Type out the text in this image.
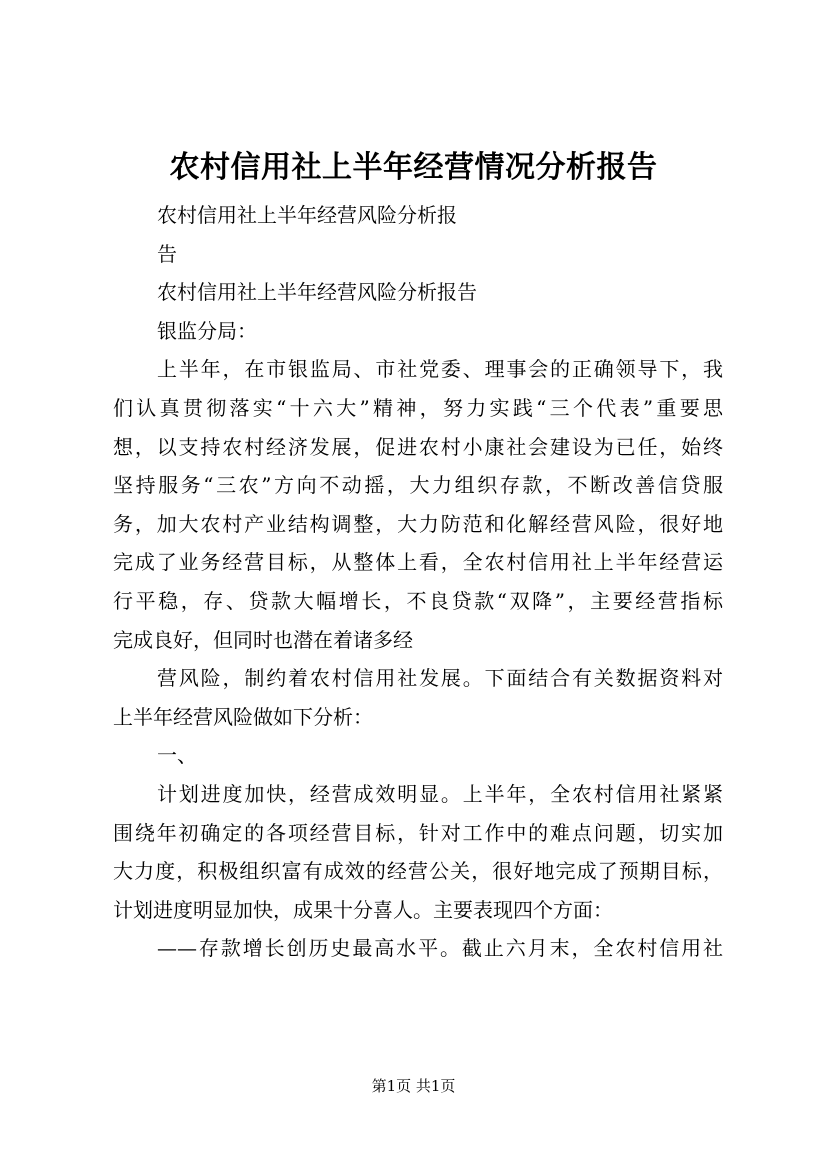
农村信用社上半年经营情况分析报告
农村信用社上半年经营风险分析报
告
农村信用社上半年经营风险分析报告
银监分局：
上半年，在市银监局、市社党委、理事会的正确领导下，我
们认真贯彻落实“十六大”精神，努力实践“三个代表”重要思
想，以支持农村经济发展，促进农村小康社会建设为已任，始终
坚持服务“三农”方向不动摇，大力组织存款，不断改善信贷服
务，加大农村产业结构调整，大力防范和化解经营风险，很好地
完成了业务经营目标，从整体上看，全农村信用社上半年经营运
行平稳，存、贷款大幅增长，不良贷款“双降”，主要经营指标
完成良好，但同时也潜在着诸多经
营风险，制约着农村信用社发展。下面结合有关数据资料对
上半年经营风险做如下分析：
一、
计划进度加快，经营成效明显。上半年，全农村信用社紧紧
围绕年初确定的各项经营目标，针对工作中的难点问题，切实加
大力度，积极组织富有成效的经营公关，很好地完成了预期目标，
计划进度明显加快，成果十分喜人。主要表现四个方面：
——存款增长创历史最高水平。截止六月末，全农村信用社
第1页 共1页
